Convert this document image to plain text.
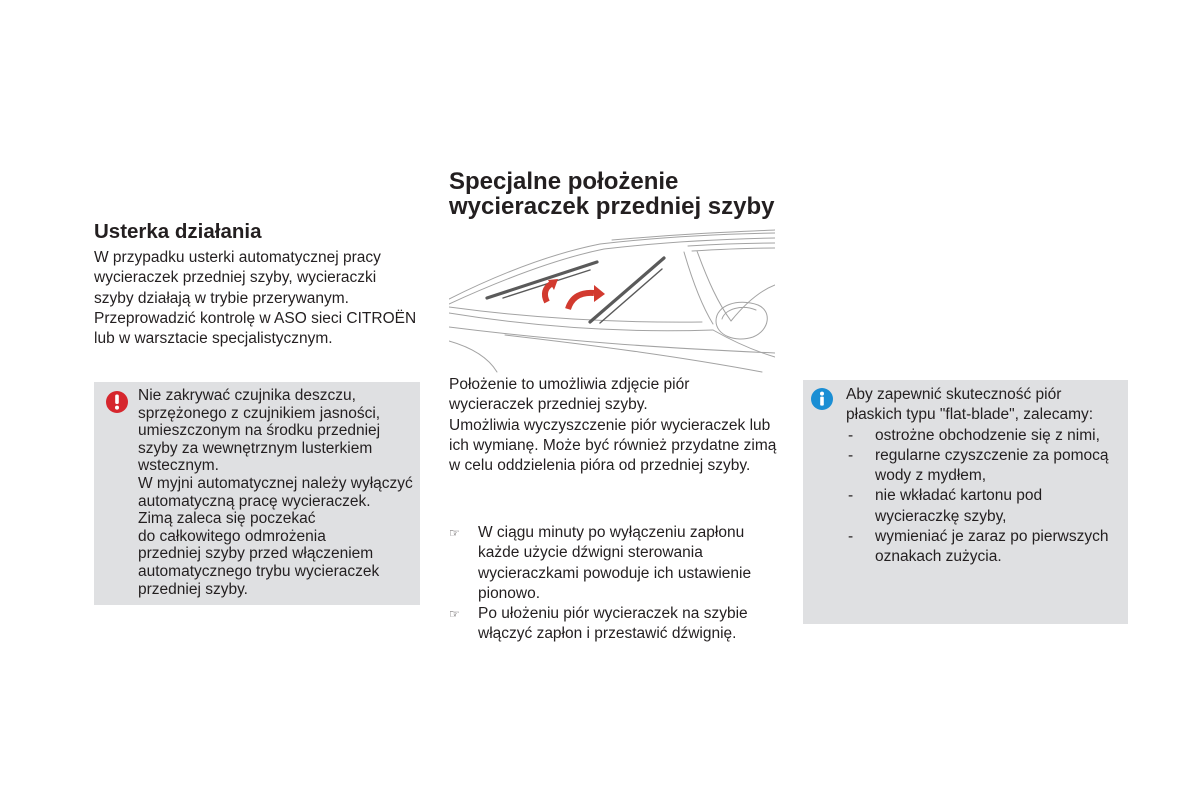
Usterka działania

W przypadku usterki automatycznej pracy
wycieraczek przedniej szyby, wycieraczki
szyby działają w trybie przerywanym.
Przeprowadzić kontrolę w ASO sieci CITROËN
lub w warsztacie specjalistycznym.

Nie zakrywać czujnika deszczu,
sprzężonego z czujnikiem jasności,
umieszczonym na środku przedniej
szyby za wewnętrznym lusterkiem
wstecznym.
W myjni automatycznej należy wyłączyć
automatyczną pracę wycieraczek.
Zimą zaleca się poczekać
do całkowitego odmrożenia
przedniej szyby przed włączeniem
automatycznego trybu wycieraczek
przedniej szyby.

Specjalne położenie
wycieraczek przedniej szyby

Położenie to umożliwia zdjęcie piór
wycieraczek przedniej szyby.
Umożliwia wyczyszczenie piór wycieraczek lub
ich wymianę. Może być również przydatne zimą
w celu oddzielenia pióra od przedniej szyby.

☞ W ciągu minuty po wyłączeniu zapłonu
każde użycie dźwigni sterowania
wycieraczkami powoduje ich ustawienie
pionowo.
☞ Po ułożeniu piór wycieraczek na szybie
włączyć zapłon i przestawić dźwignię.

Aby zapewnić skuteczność piór
płaskich typu "flat-blade", zalecamy:

- ostrożne obchodzenie się z nimi,
- regularne czyszczenie za pomocą
wody z mydłem,
- nie wkładać kartonu pod
wycieraczkę szyby,
- wymieniać je zaraz po pierwszych
oznakach zużycia.
